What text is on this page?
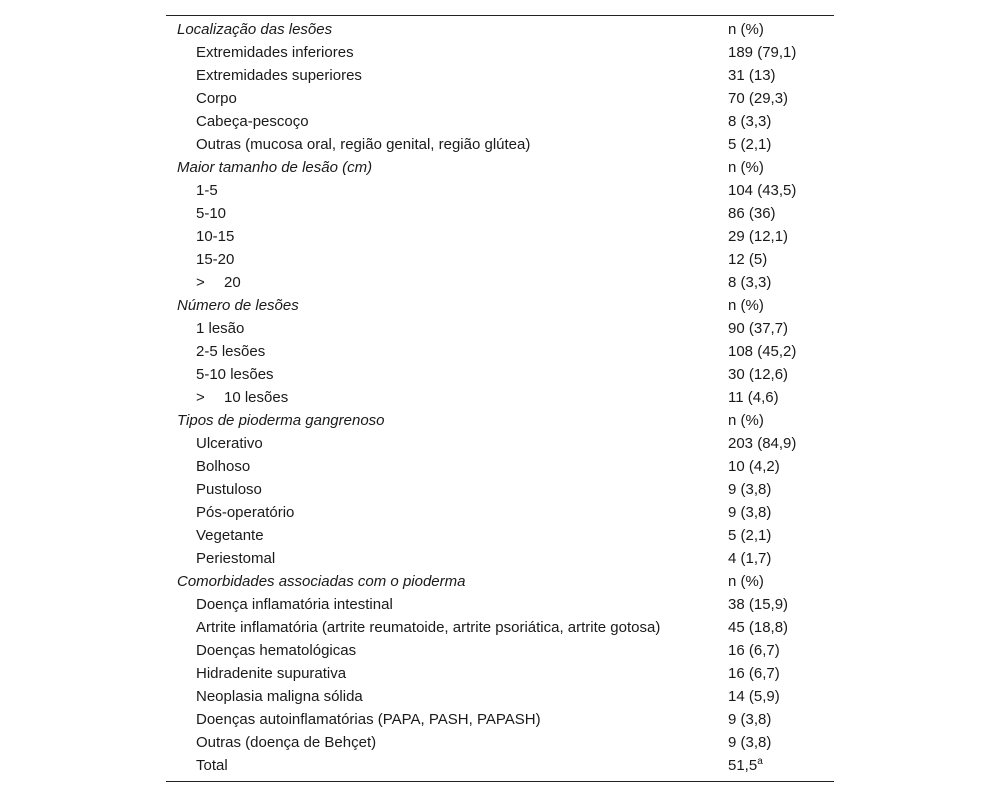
Localização das lesões	n (%)
Extremidades inferiores	189 (79,1)
Extremidades superiores	31 (13)
Corpo	70 (29,3)
Cabeça-pescoço	8 (3,3)
Outras (mucosa oral, região genital, região glútea)	5 (2,1)
Maior tamanho de lesão (cm)	n (%)
1-5	104 (43,5)
5-10	86 (36)
10-15	29 (12,1)
15-20	12 (5)
> 20	8 (3,3)
Número de lesões	n (%)
1 lesão	90 (37,7)
2-5 lesões	108 (45,2)
5-10 lesões	30 (12,6)
> 10 lesões	11 (4,6)
Tipos de pioderma gangrenoso	n (%)
Ulcerativo	203 (84,9)
Bolhoso	10 (4,2)
Pustuloso	9 (3,8)
Pós-operatório	9 (3,8)
Vegetante	5 (2,1)
Periestomal	4 (1,7)
Comorbidades associadas com o pioderma	n (%)
Doença inflamatória intestinal	38 (15,9)
Artrite inflamatória (artrite reumatoide, artrite psoriática, artrite gotosa)	45 (18,8)
Doenças hematológicas	16 (6,7)
Hidradenite supurativa	16 (6,7)
Neoplasia maligna sólida	14 (5,9)
Doenças autoinflamatórias (PAPA, PASH, PAPASH)	9 (3,8)
Outras (doença de Behçet)	9 (3,8)
Total	51,5$^a$
